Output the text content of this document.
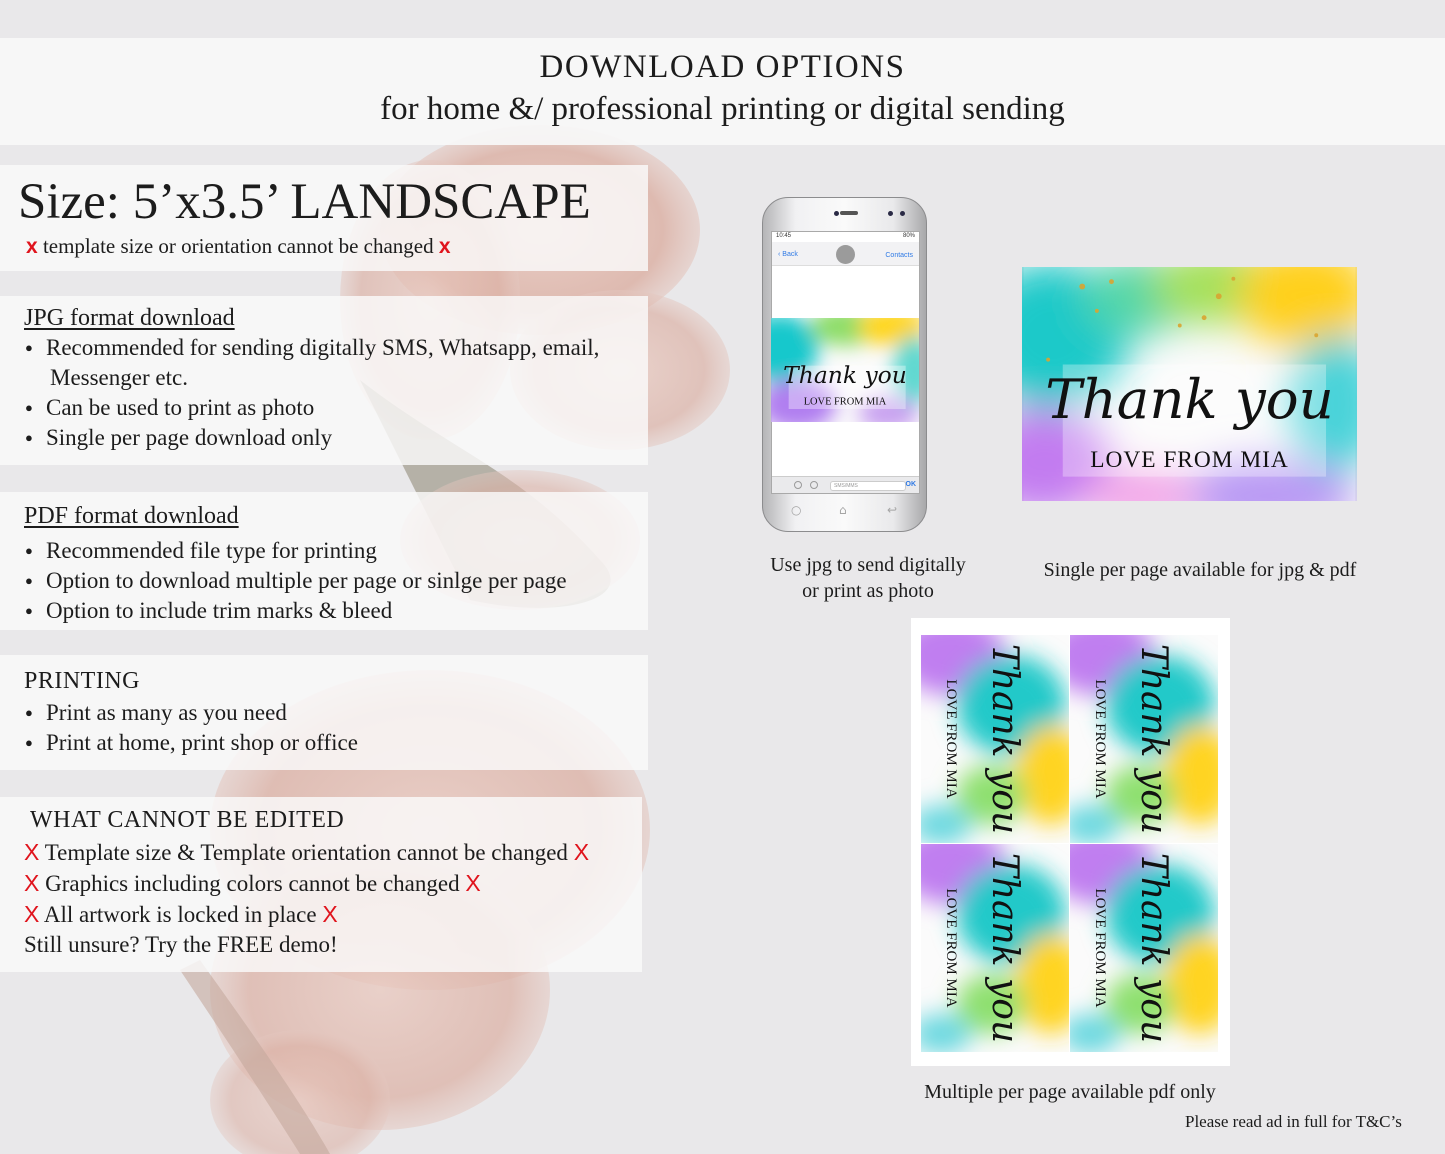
DOWNLOAD OPTIONS
for home &/ professional printing or digital sending
Size: 5’x3.5’ LANDSCAPE
x template size or orientation cannot be changed x
JPG format download
● Recommended for sending digitally SMS, Whatsapp, email,
Messenger etc.
● Can be used to print as photo
● Single per page download only
PDF format download
● Recommended file type for printing
● Option to download multiple per page or sinlge per page
● Option to include trim marks & bleed
PRINTING
● Print as many as you need
● Print at home, print shop or office
WHAT CANNOT BE EDITED
X Template size & Template orientation cannot be changed X
X Graphics including colors cannot be changed X
X All artwork is locked in place X
Still unsure? Try the FREE demo!
10:45	80%
‹ Back	Contacts
SMS/MMS	OK
○	⌂	↩
Thank you
LOVE FROM MIA	Thank you
LOVE FROM MIA
Thank you
LOVE FROM MIA	Thank you
LOVE FROM MIA
Thank you
LOVE FROM MIA	Thank you
LOVE FROM MIA
Use jpg to send digitally
or print as photo
Single per page available for jpg & pdf
Multiple per page available pdf only
Please read ad in full for T&C’s
